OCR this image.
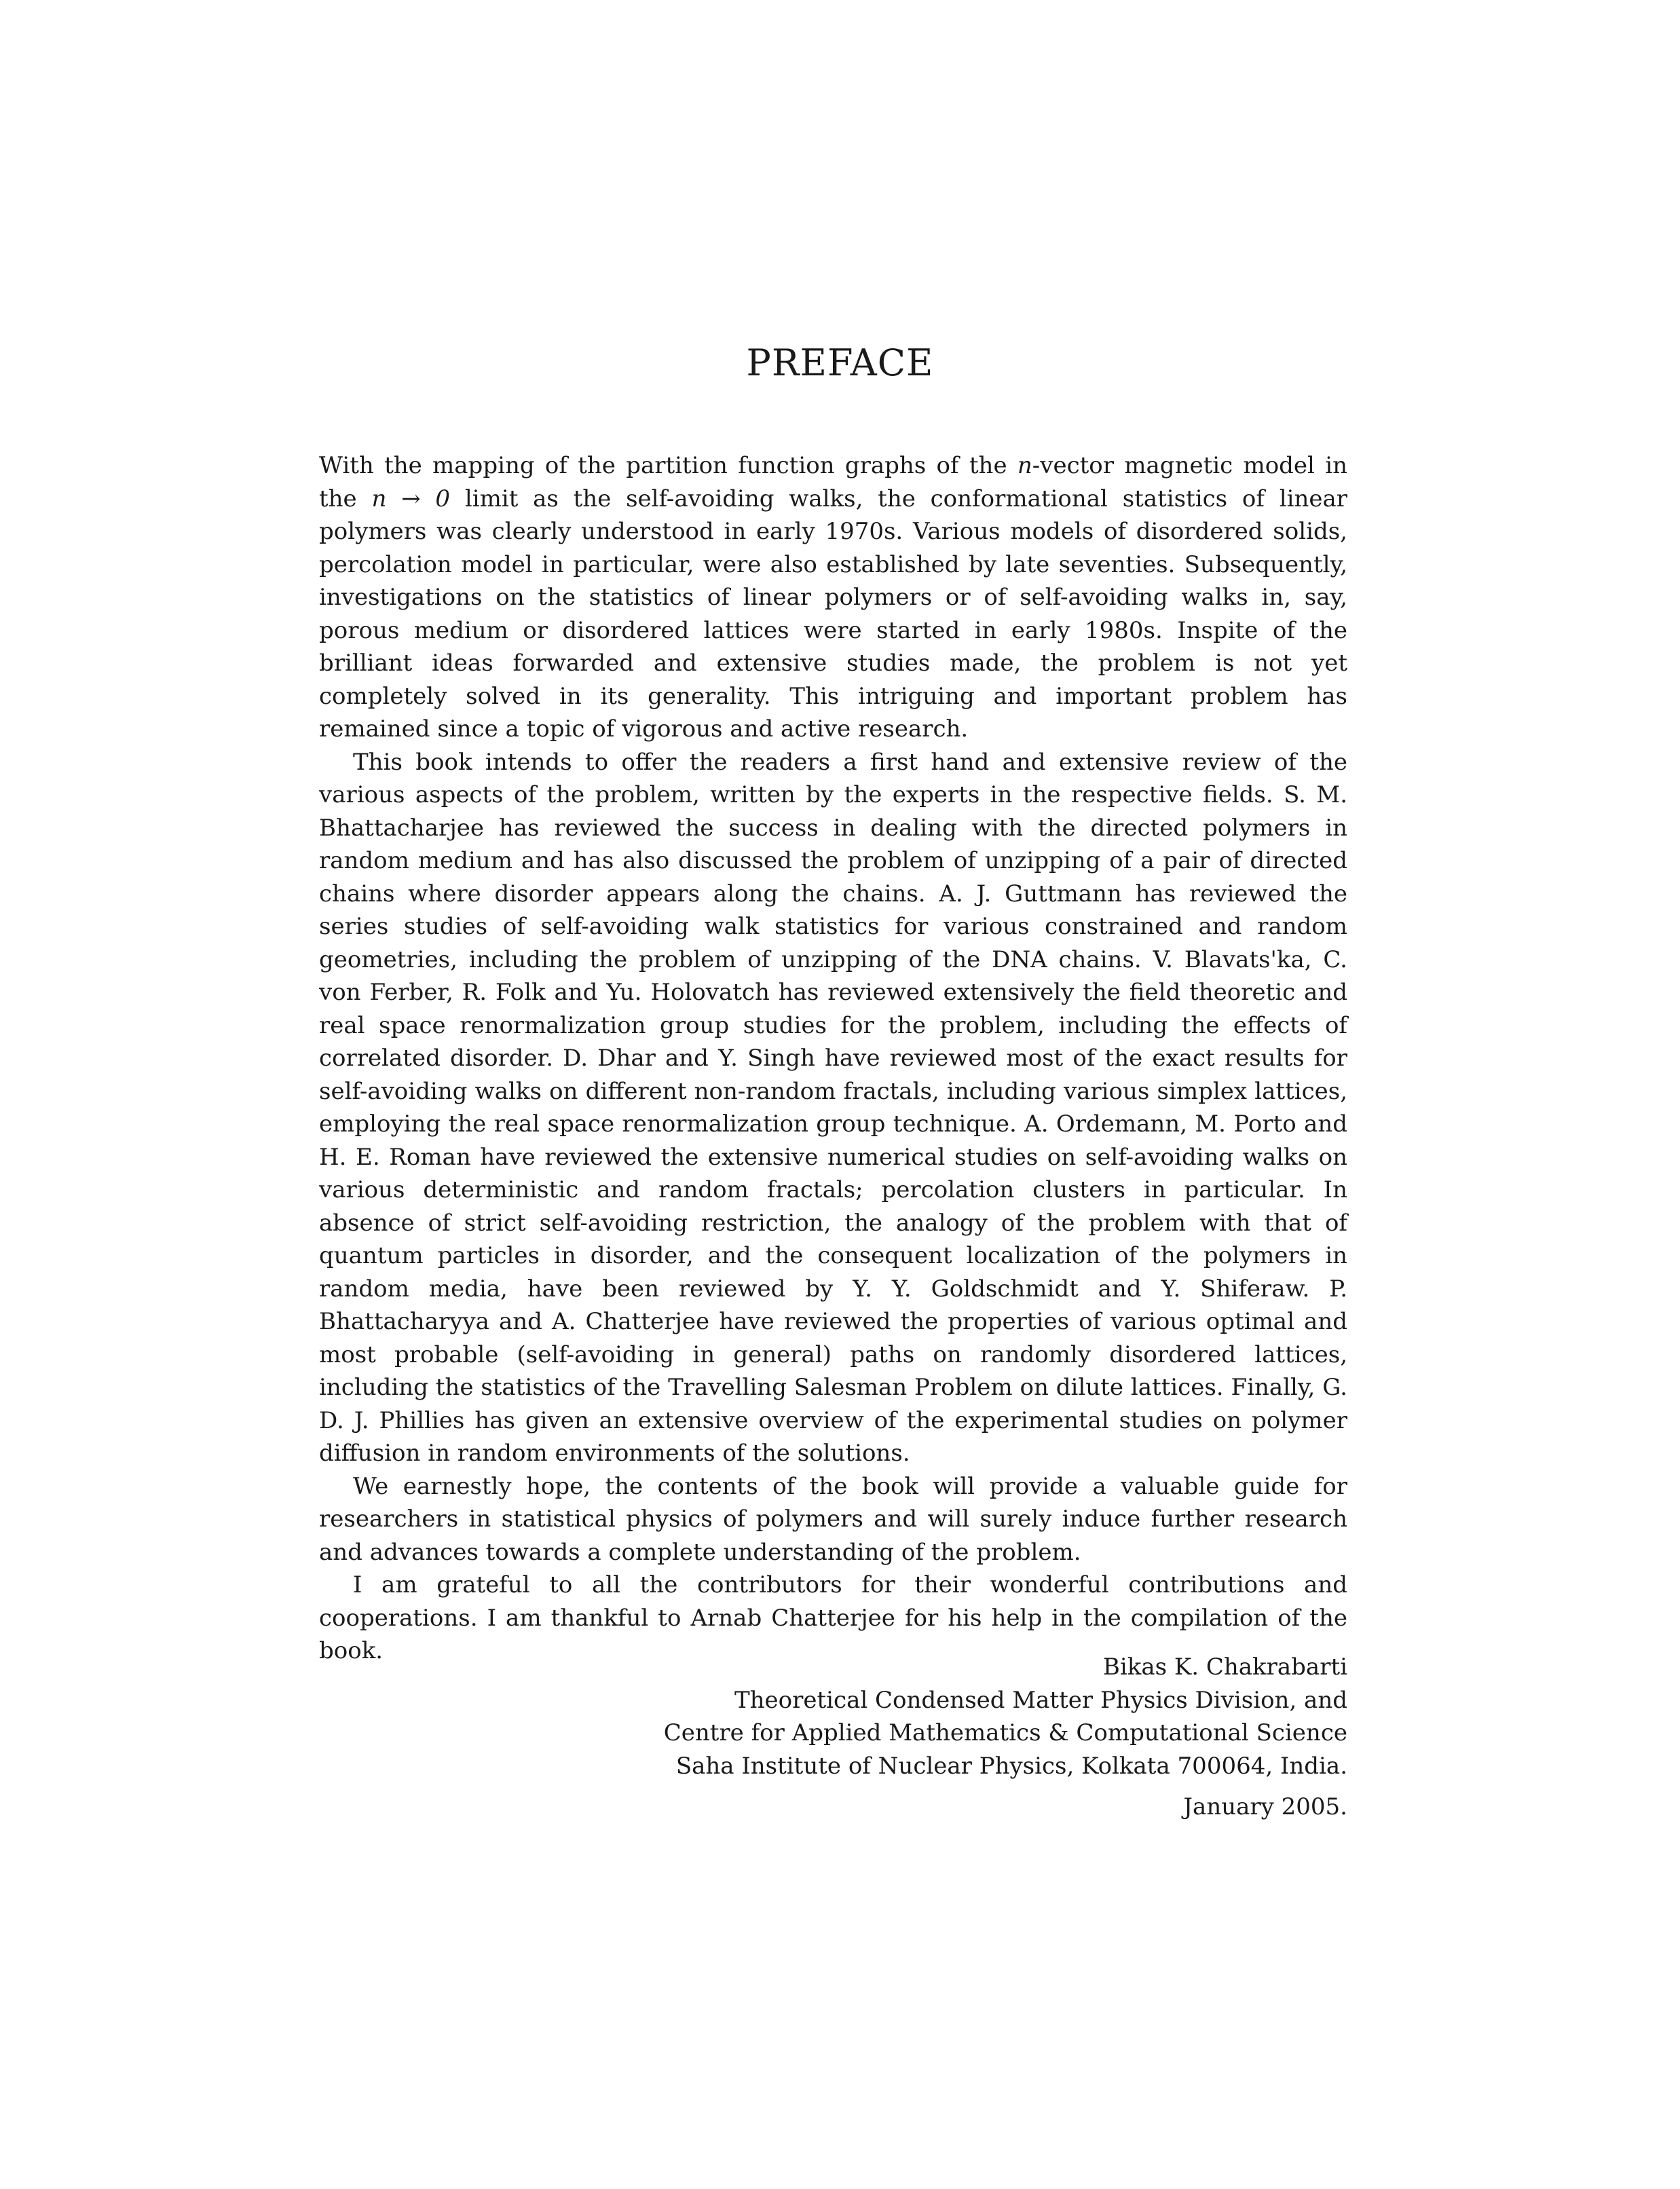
PREFACE

With the mapping of the partition function graphs of the n-vector magnetic model in the n → 0 limit as the self-avoiding walks, the conformational statistics of linear polymers was clearly understood in early 1970s. Various models of disordered solids, percolation model in particular, were also established by late seventies. Subsequently, investigations on the statistics of linear polymers or of self-avoiding walks in, say, porous medium or disordered lattices were started in early 1980s. Inspite of the brilliant ideas forwarded and extensive studies made, the problem is not yet completely solved in its generality. This intriguing and important problem has remained since a topic of vigorous and active research.

This book intends to offer the readers a first hand and extensive review of the various aspects of the problem, written by the experts in the respective fields. S. M. Bhattacharjee has reviewed the success in dealing with the directed polymers in random medium and has also discussed the problem of unzipping of a pair of directed chains where disorder appears along the chains. A. J. Guttmann has reviewed the series studies of self-avoiding walk statistics for various constrained and random geometries, including the problem of unzipping of the DNA chains. V. Blavats'ka, C. von Ferber, R. Folk and Yu. Holovatch has reviewed extensively the field theoretic and real space renormalization group studies for the problem, including the effects of correlated disorder. D. Dhar and Y. Singh have reviewed most of the exact results for self-avoiding walks on different non-random fractals, including various simplex lattices, employing the real space renormalization group technique. A. Ordemann, M. Porto and H. E. Roman have reviewed the extensive numerical studies on self-avoiding walks on various deterministic and random fractals; percolation clusters in particular. In absence of strict self-avoiding restriction, the analogy of the problem with that of quantum particles in disorder, and the consequent localization of the polymers in random media, have been reviewed by Y. Y. Goldschmidt and Y. Shiferaw. P. Bhattacharyya and A. Chatterjee have reviewed the properties of various optimal and most probable (self-avoiding in general) paths on randomly disordered lattices, including the statistics of the Travelling Salesman Problem on dilute lattices. Finally, G. D. J. Phillies has given an extensive overview of the experimental studies on polymer diffusion in random environments of the solutions.

We earnestly hope, the contents of the book will provide a valuable guide for researchers in statistical physics of polymers and will surely induce further research and advances towards a complete understanding of the problem.

I am grateful to all the contributors for their wonderful contributions and cooperations. I am thankful to Arnab Chatterjee for his help in the compilation of the book.

Bikas K. Chakrabarti
Theoretical Condensed Matter Physics Division, and
Centre for Applied Mathematics & Computational Science
Saha Institute of Nuclear Physics, Kolkata 700064, India.
January 2005.
